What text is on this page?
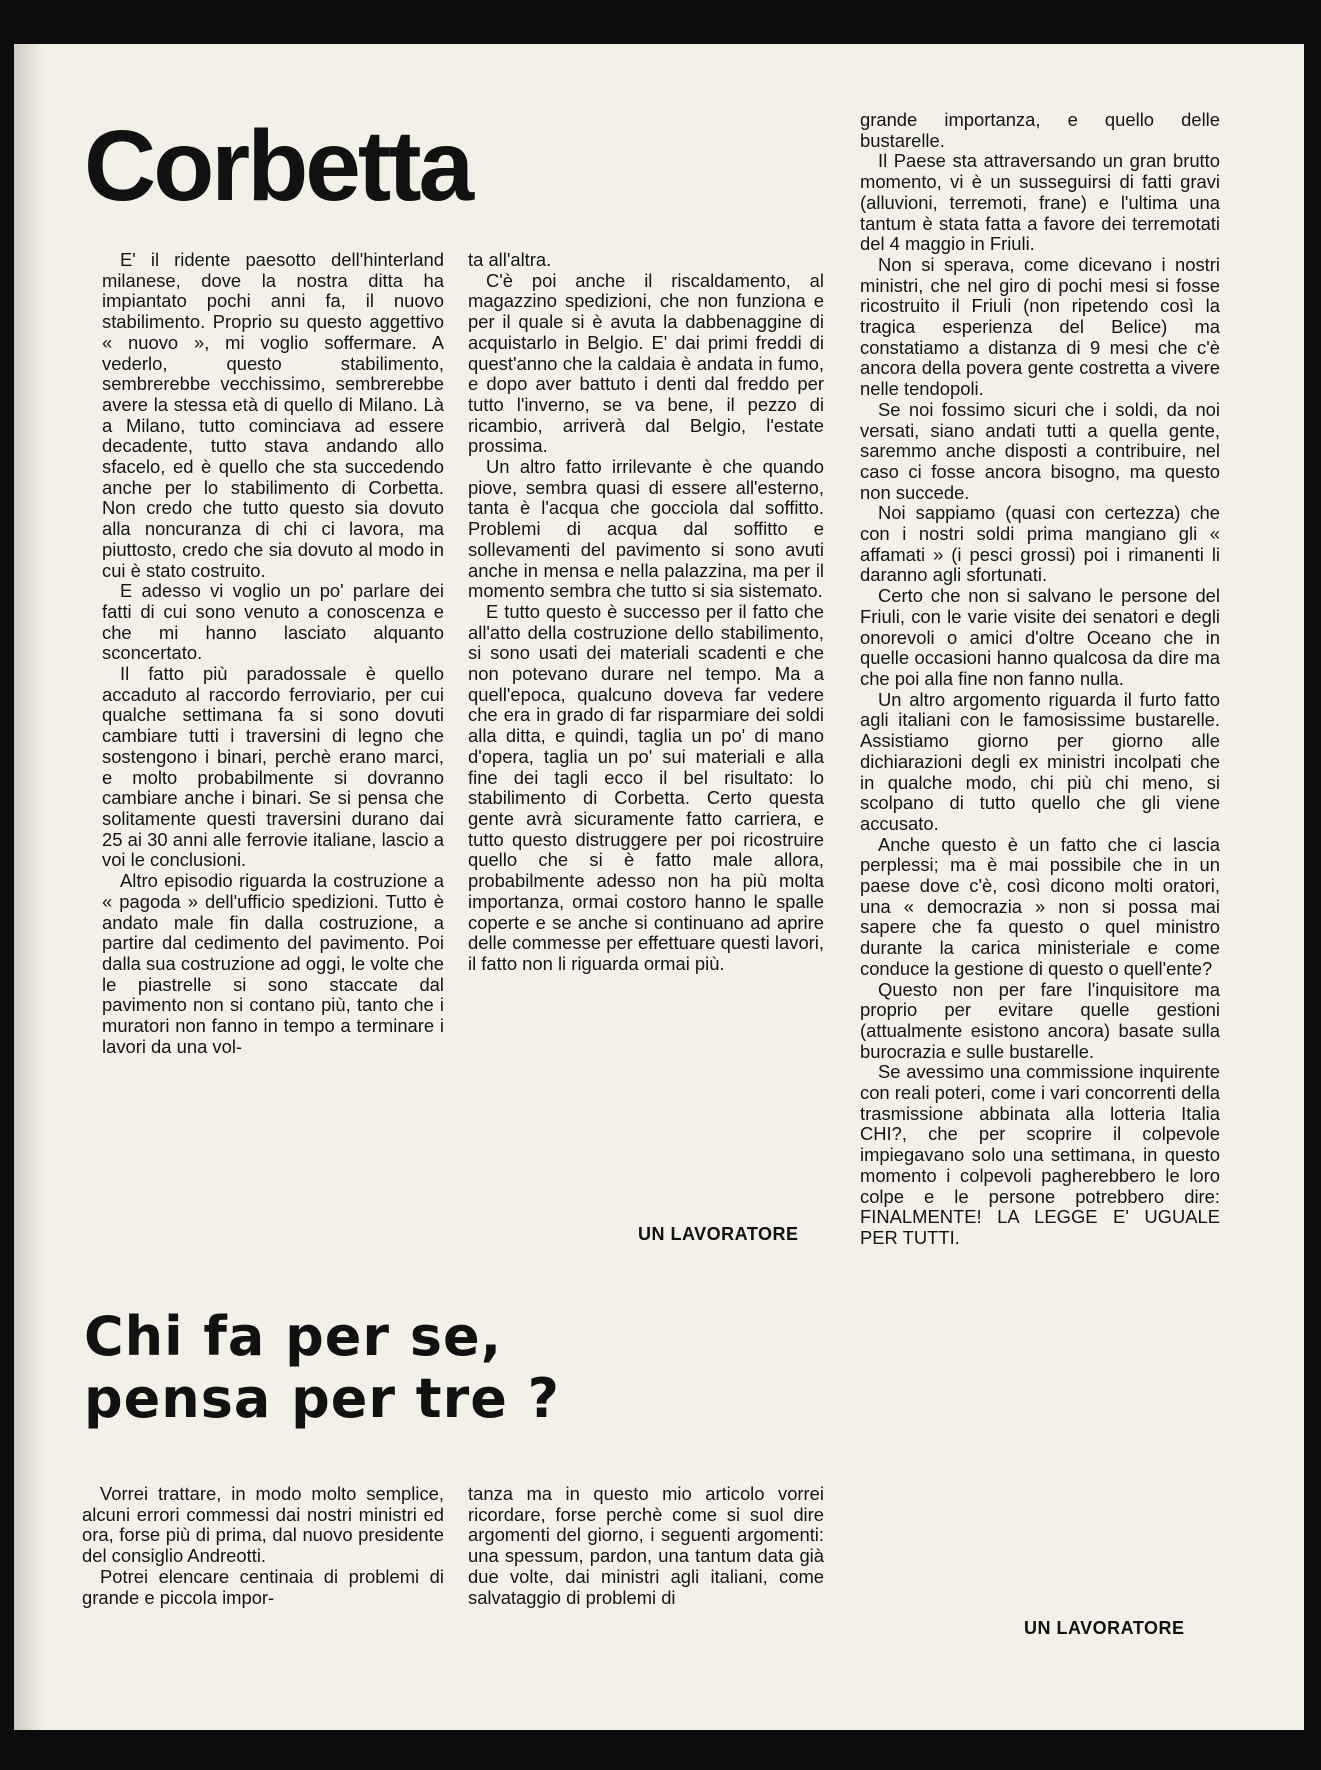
Corbetta

E' il ridente paesotto dell'hinterland milanese, dove la nostra ditta ha impiantato pochi anni fa, il nuovo stabilimento. Proprio su questo aggettivo « nuovo », mi voglio soffermare. A vederlo, questo stabilimento, sembrerebbe vecchissimo, sembrerebbe avere la stessa età di quello di Milano. Là a Milano, tutto cominciava ad essere decadente, tutto stava andando allo sfacelo, ed è quello che sta succedendo anche per lo stabilimento di Corbetta. Non credo che tutto questo sia dovuto alla noncuranza di chi ci lavora, ma piuttosto, credo che sia dovuto al modo in cui è stato costruito.

E adesso vi voglio un po' parlare dei fatti di cui sono venuto a conoscenza e che mi hanno lasciato alquanto sconcertato.

Il fatto più paradossale è quello accaduto al raccordo ferroviario, per cui qualche settimana fa si sono dovuti cambiare tutti i traversini di legno che sostengono i binari, perchè erano marci, e molto probabilmente si dovranno cambiare anche i binari. Se si pensa che solitamente questi traversini durano dai 25 ai 30 anni alle ferrovie italiane, lascio a voi le conclusioni.

Altro episodio riguarda la costruzione a « pagoda » dell'ufficio spedizioni. Tutto è andato male fin dalla costruzione, a partire dal cedimento del pavimento. Poi dalla sua costruzione ad oggi, le volte che le piastrelle si sono staccate dal pavimento non si contano più, tanto che i muratori non fanno in tempo a terminare i lavori da una vol-

ta all'altra.

C'è poi anche il riscaldamento, al magazzino spedizioni, che non funziona e per il quale si è avuta la dabbenaggine di acquistarlo in Belgio. E' dai primi freddi di quest'anno che la caldaia è andata in fumo, e dopo aver battuto i denti dal freddo per tutto l'inverno, se va bene, il pezzo di ricambio, arriverà dal Belgio, l'estate prossima.

Un altro fatto irrilevante è che quando piove, sembra quasi di essere all'esterno, tanta è l'acqua che gocciola dal soffitto. Problemi di acqua dal soffitto e sollevamenti del pavimento si sono avuti anche in mensa e nella palazzina, ma per il momento sembra che tutto si sia sistemato.

E tutto questo è successo per il fatto che all'atto della costruzione dello stabilimento, si sono usati dei materiali scadenti e che non potevano durare nel tempo. Ma a quell'epoca, qualcuno doveva far vedere che era in grado di far risparmiare dei soldi alla ditta, e quindi, taglia un po' di mano d'opera, taglia un po' sui materiali e alla fine dei tagli ecco il bel risultato: lo stabilimento di Corbetta. Certo questa gente avrà sicuramente fatto carriera, e tutto questo distruggere per poi ricostruire quello che si è fatto male allora, probabilmente adesso non ha più molta importanza, ormai costoro hanno le spalle coperte e se anche si continuano ad aprire delle commesse per effettuare questi lavori, il fatto non li riguarda ormai più.

UN LAVORATORE
Chi fa per se,
pensa per tre ?

Vorrei trattare, in modo molto semplice, alcuni errori commessi dai nostri ministri ed ora, forse più di prima, dal nuovo presidente del consiglio Andreotti.

Potrei elencare centinaia di problemi di grande e piccola impor-

tanza ma in questo mio articolo vorrei ricordare, forse perchè come si suol dire argomenti del giorno, i seguenti argomenti: una spessum, pardon, una tantum data già due volte, dai ministri agli italiani, come salvataggio di problemi di

grande importanza, e quello delle bustarelle.

Il Paese sta attraversando un gran brutto momento, vi è un susseguirsi di fatti gravi (alluvioni, terremoti, frane) e l'ultima una tantum è stata fatta a favore dei terremotati del 4 maggio in Friuli.

Non si sperava, come dicevano i nostri ministri, che nel giro di pochi mesi si fosse ricostruito il Friuli (non ripetendo così la tragica esperienza del Belice) ma constatiamo a distanza di 9 mesi che c'è ancora della povera gente costretta a vivere nelle tendopoli.

Se noi fossimo sicuri che i soldi, da noi versati, siano andati tutti a quella gente, saremmo anche disposti a contribuire, nel caso ci fosse ancora bisogno, ma questo non succede.

Noi sappiamo (quasi con certezza) che con i nostri soldi prima mangiano gli « affamati » (i pesci grossi) poi i rimanenti li daranno agli sfortunati.

Certo che non si salvano le persone del Friuli, con le varie visite dei senatori e degli onorevoli o amici d'oltre Oceano che in quelle occasioni hanno qualcosa da dire ma che poi alla fine non fanno nulla.

Un altro argomento riguarda il furto fatto agli italiani con le famosissime bustarelle. Assistiamo giorno per giorno alle dichiarazioni degli ex ministri incolpati che in qualche modo, chi più chi meno, si scolpano di tutto quello che gli viene accusato.

Anche questo è un fatto che ci lascia perplessi; ma è mai possibile che in un paese dove c'è, così dicono molti oratori, una « democrazia » non si possa mai sapere che fa questo o quel ministro durante la carica ministeriale e come conduce la gestione di questo o quell'ente?

Questo non per fare l'inquisitore ma proprio per evitare quelle gestioni (attualmente esistono ancora) basate sulla burocrazia e sulle bustarelle.

Se avessimo una commissione inquirente con reali poteri, come i vari concorrenti della trasmissione abbinata alla lotteria Italia CHI?, che per scoprire il colpevole impiegavano solo una settimana, in questo momento i colpevoli pagherebbero le loro colpe e le persone potrebbero dire: FINALMENTE! LA LEGGE E' UGUALE PER TUTTI.

UN LAVORATORE
